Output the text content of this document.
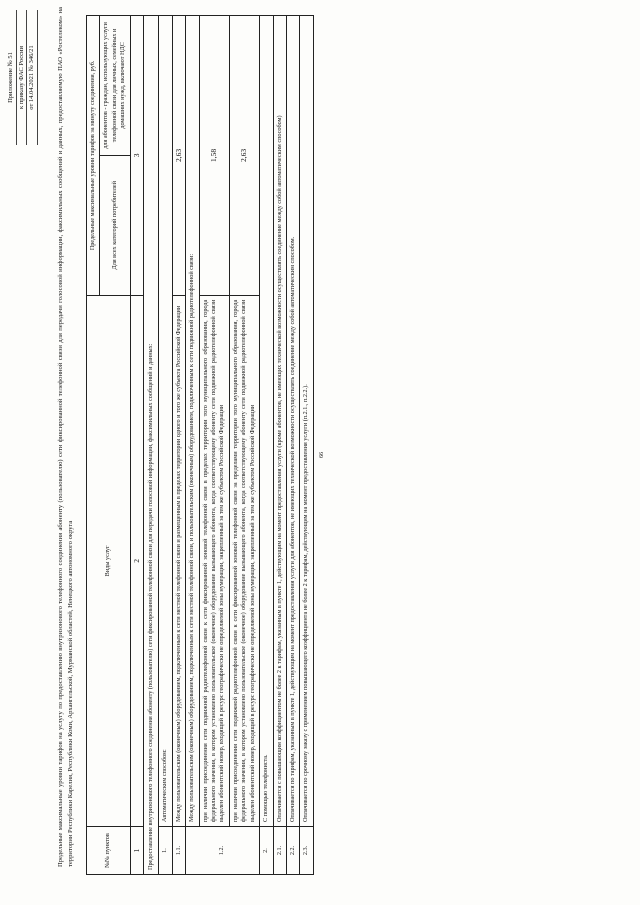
66
Приложение № 51 к приказу ФАС России от 14.04.2021 № 346/21	Предельные максимальные уровни тарифов на услугу по предоставлению внутризонового телефонного соединения абоненту (пользователю) сети фиксированной телефонной связи для передачи голосовой информации, факсимильных сообщений и данных, предоставляемую ПАО «Ростелеком» на территории Республики Карелия, Республики Коми, Архангельской, Мурманской областей, Ненецкого автономного округа	№№ пунктов	Виды услуг	Предельные максимальные уровни тарифов за минуту соединения, руб.	
		Для всех категорий потребителей	для абонентов - граждан, использующих услуги телефонной связи для личных, семейных и домашних нужд, включают НДС
1	2	3	
Предоставление внутризонового телефонного соединения абоненту (пользователю) сети фиксированной телефонной связи для передачи голосовой информации, факсимильных сообщений и данных:			
1.	Автоматическим способом:		
1.1.	Между пользовательским (оконечным) оборудованием, подключенным к сети местной телефонной связи и размещенным в пределах территории одного и того же субъекта Российской Федерации	2,63	
1.2.	Между пользовательским (оконечным) оборудованием, подключенным к сети местной телефонной связи, и пользовательским (оконечным) оборудованием, подключенным к сети подвижной радиотелефонной связи:		
	при наличии присоединения сети подвижной радиотелефонной связи к сети фиксированной зоновой телефонной связи в пределах территории того муниципального образования, города федерального значения, в котором установлено пользовательское (оконечное) оборудование вызывающего абонента, когда соответствующему абоненту сети подвижной радиотелефонной связи выделен абонентский номер, входящий в ресурс географически не определяемой зоны нумерации, закрепленный за тем же субъектом Российской Федерации	1,58	
	при наличии присоединения сети подвижной радиотелефонной связи к сети фиксированной зоновой телефонной связи за пределами территории того муниципального образования, города федерального значения, в котором установлено пользовательское (оконечное) оборудование вызывающего абонента, когда соответствующему абоненту сети подвижной радиотелефонной связи выделен абонентский номер, входящий в ресурс географически не определяемой зоны нумерации, закрепленный за тем же субъектом Российской Федерации	2,63	
2.	С помощью телефониста.		
2.1.	Оплачивается с повышающим коэффициентом не более 2 к тарифам, указанным в пункте 1, действующим на момент предоставления услуги (кроме абонентов, не имеющих технической возможности осуществлять соединение между собой автоматическим способом)		
2.2.	Оплачивается по тарифам, указанным в пункте 1, действующим на момент предоставления услуги для абонентов, не имеющих технической возможности осуществлять соединение между собой автоматическим способом.		
2.3.	Оплачивается по срочному заказу с применением повышающего коэффициента не более 2 к тарифам, действующим на момент предоставления услуги (п.2.1., п.2.2.).		
